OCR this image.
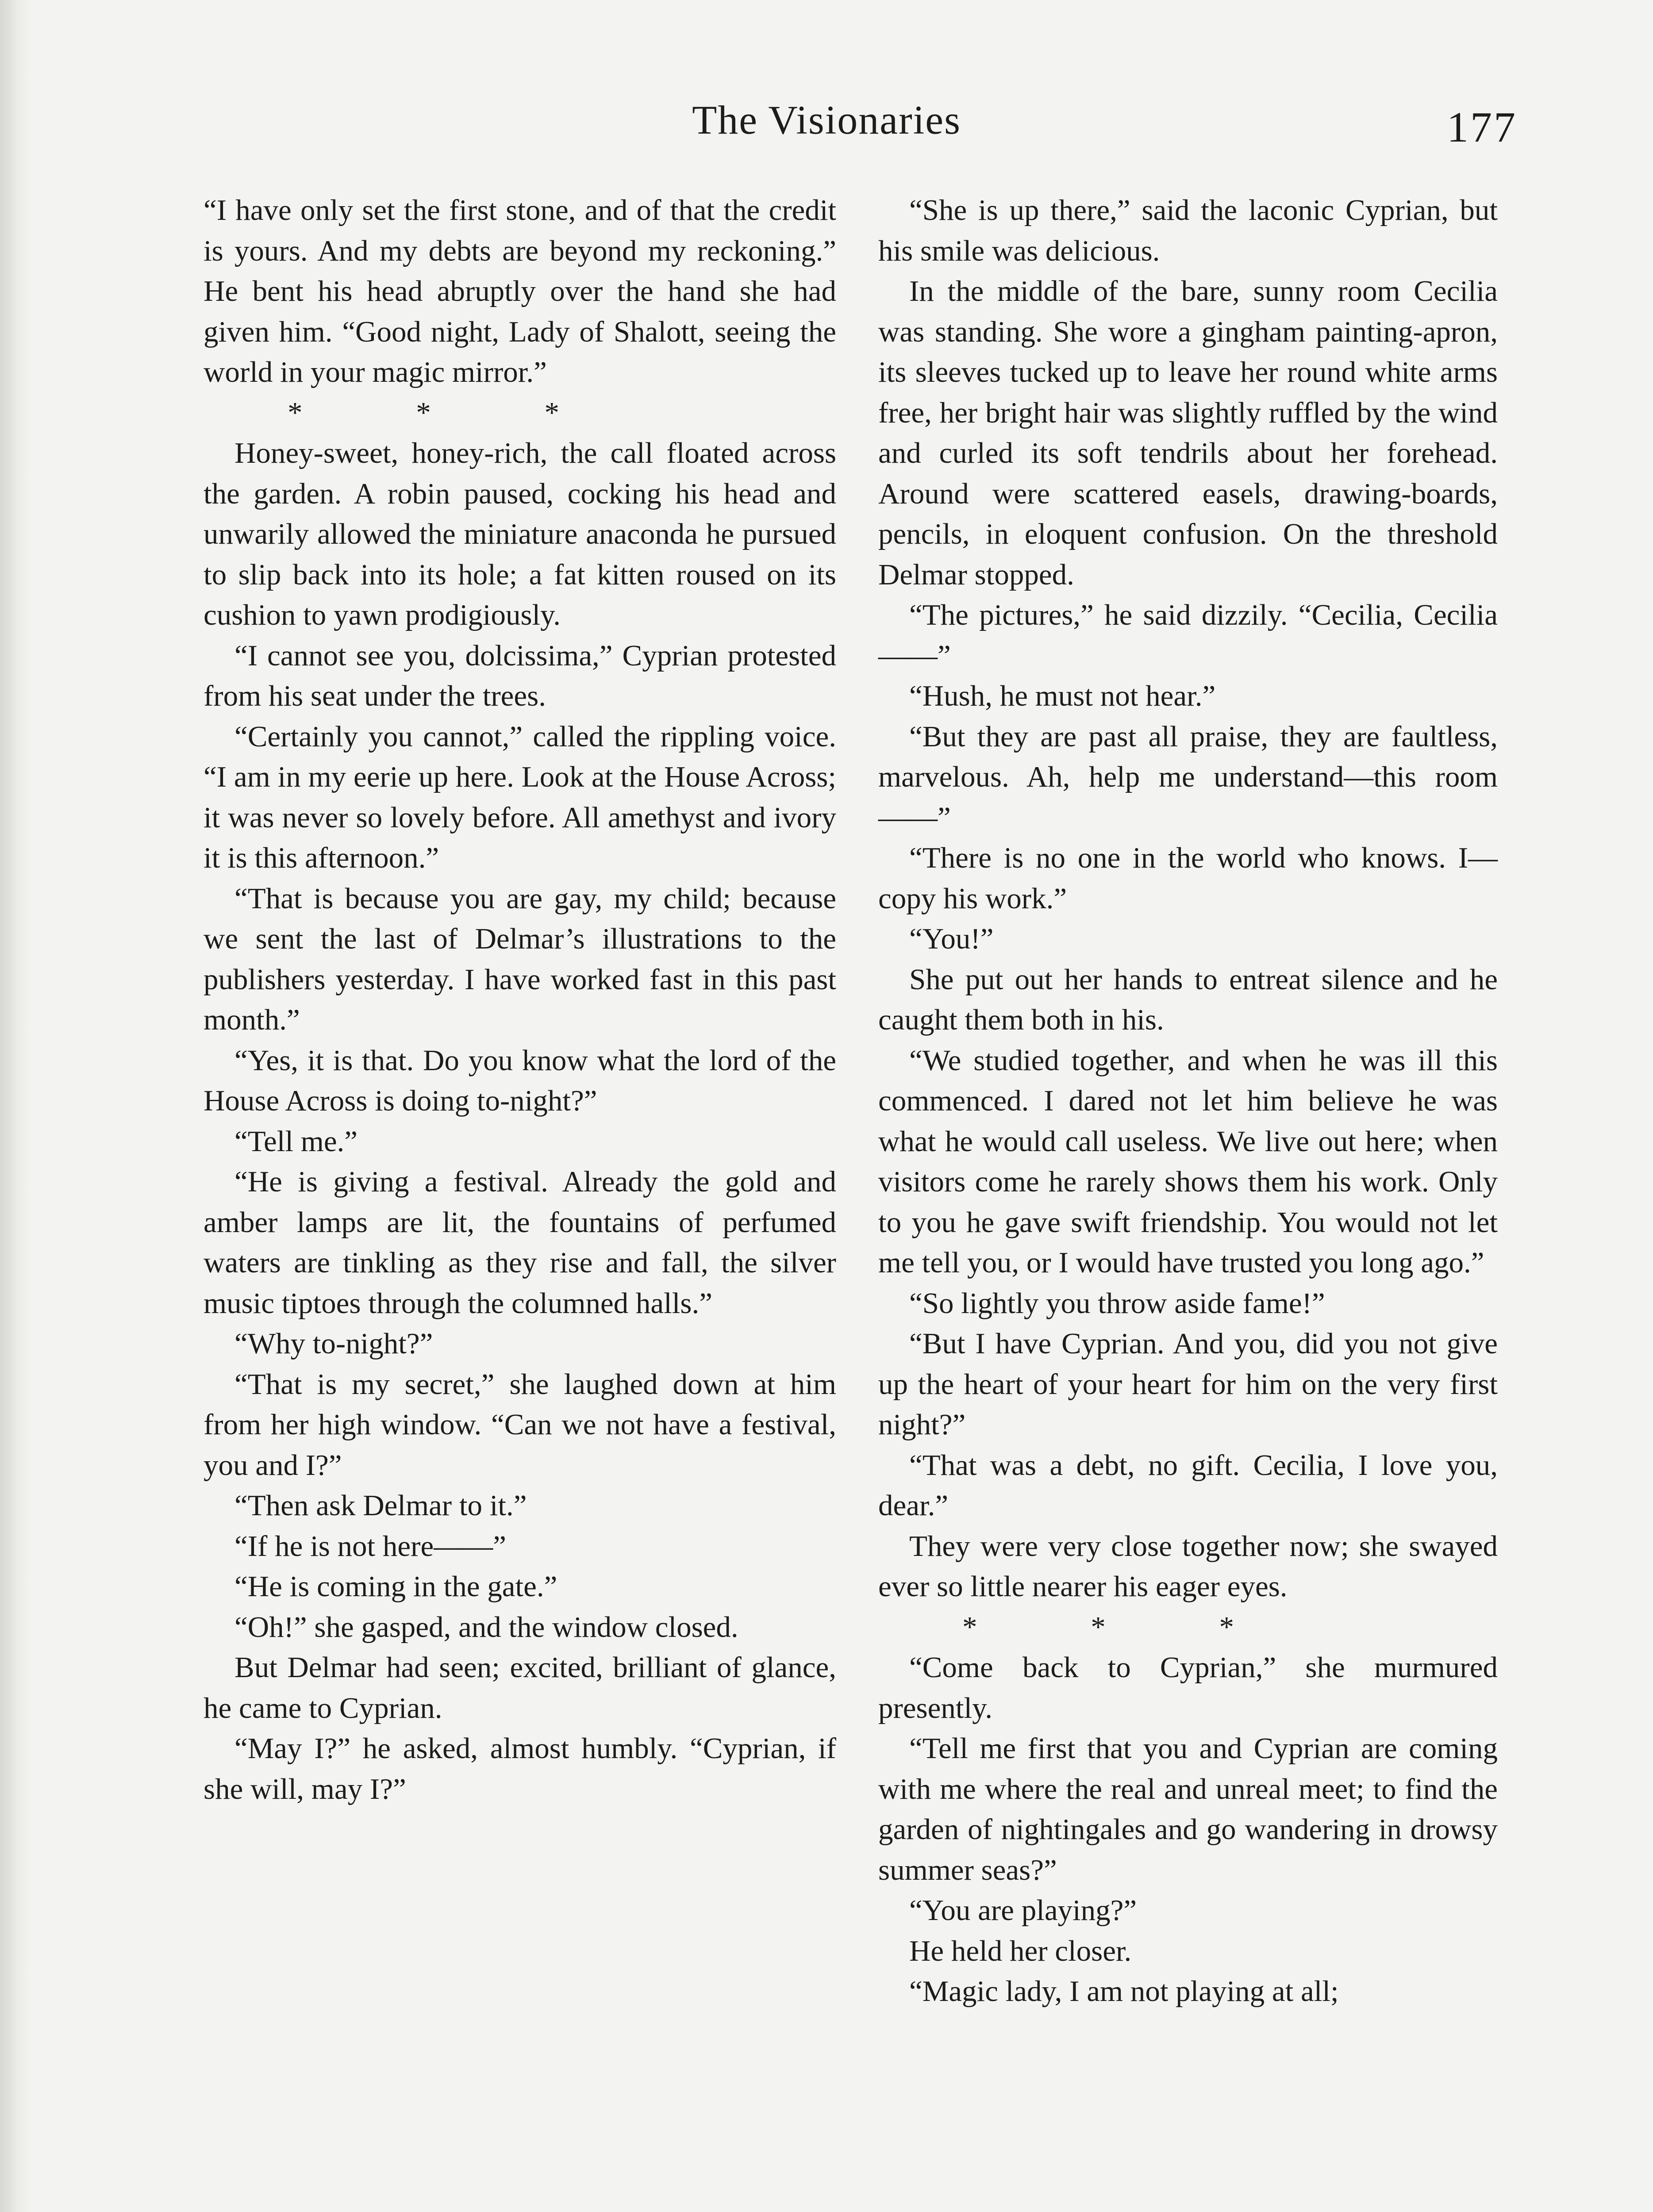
The Visionaries	177

“I have only set the first stone, and of that the credit is yours. And my debts are beyond my reckoning.” He bent his head abruptly over the hand she had given him. “Good night, Lady of Shalott, seeing the world in your magic mirror.”

* * *

Honey-sweet, honey-rich, the call floated across the garden. A robin paused, cocking his head and unwarily allowed the miniature anaconda he pursued to slip back into its hole; a fat kitten roused on its cushion to yawn prodigiously.

“I cannot see you, dolcissima,” Cyprian protested from his seat under the trees.

“Certainly you cannot,” called the rippling voice. “I am in my eerie up here. Look at the House Across; it was never so lovely before. All amethyst and ivory it is this afternoon.”

“That is because you are gay, my child; because we sent the last of Delmar’s illustrations to the publishers yesterday. I have worked fast in this past month.”

“Yes, it is that. Do you know what the lord of the House Across is doing to-night?”

“Tell me.”

“He is giving a festival. Already the gold and amber lamps are lit, the fountains of perfumed waters are tinkling as they rise and fall, the silver music tiptoes through the columned halls.”

“Why to-night?”

“That is my secret,” she laughed down at him from her high window. “Can we not have a festival, you and I?”

“Then ask Delmar to it.”

“If he is not here——”

“He is coming in the gate.”

“Oh!” she gasped, and the window closed.

But Delmar had seen; excited, brilliant of glance, he came to Cyprian.

“May I?” he asked, almost humbly. “Cyprian, if she will, may I?”

“She is up there,” said the laconic Cyprian, but his smile was delicious.

In the middle of the bare, sunny room Cecilia was standing. She wore a gingham painting-apron, its sleeves tucked up to leave her round white arms free, her bright hair was slightly ruffled by the wind and curled its soft tendrils about her forehead. Around were scattered easels, drawing-boards, pencils, in eloquent confusion. On the threshold Delmar stopped.

“The pictures,” he said dizzily. “Cecilia, Cecilia——”

“Hush, he must not hear.”

“But they are past all praise, they are faultless, marvelous. Ah, help me understand—this room——”

“There is no one in the world who knows. I—copy his work.”

“You!”

She put out her hands to entreat silence and he caught them both in his.

“We studied together, and when he was ill this commenced. I dared not let him believe he was what he would call useless. We live out here; when visitors come he rarely shows them his work. Only to you he gave swift friendship. You would not let me tell you, or I would have trusted you long ago.”

“So lightly you throw aside fame!”

“But I have Cyprian. And you, did you not give up the heart of your heart for him on the very first night?”

“That was a debt, no gift. Cecilia, I love you, dear.”

They were very close together now; she swayed ever so little nearer his eager eyes.

* * *

“Come back to Cyprian,” she murmured presently.

“Tell me first that you and Cyprian are coming with me where the real and unreal meet; to find the garden of nightingales and go wandering in drowsy summer seas?”

“You are playing?”

He held her closer.

“Magic lady, I am not playing at all;
